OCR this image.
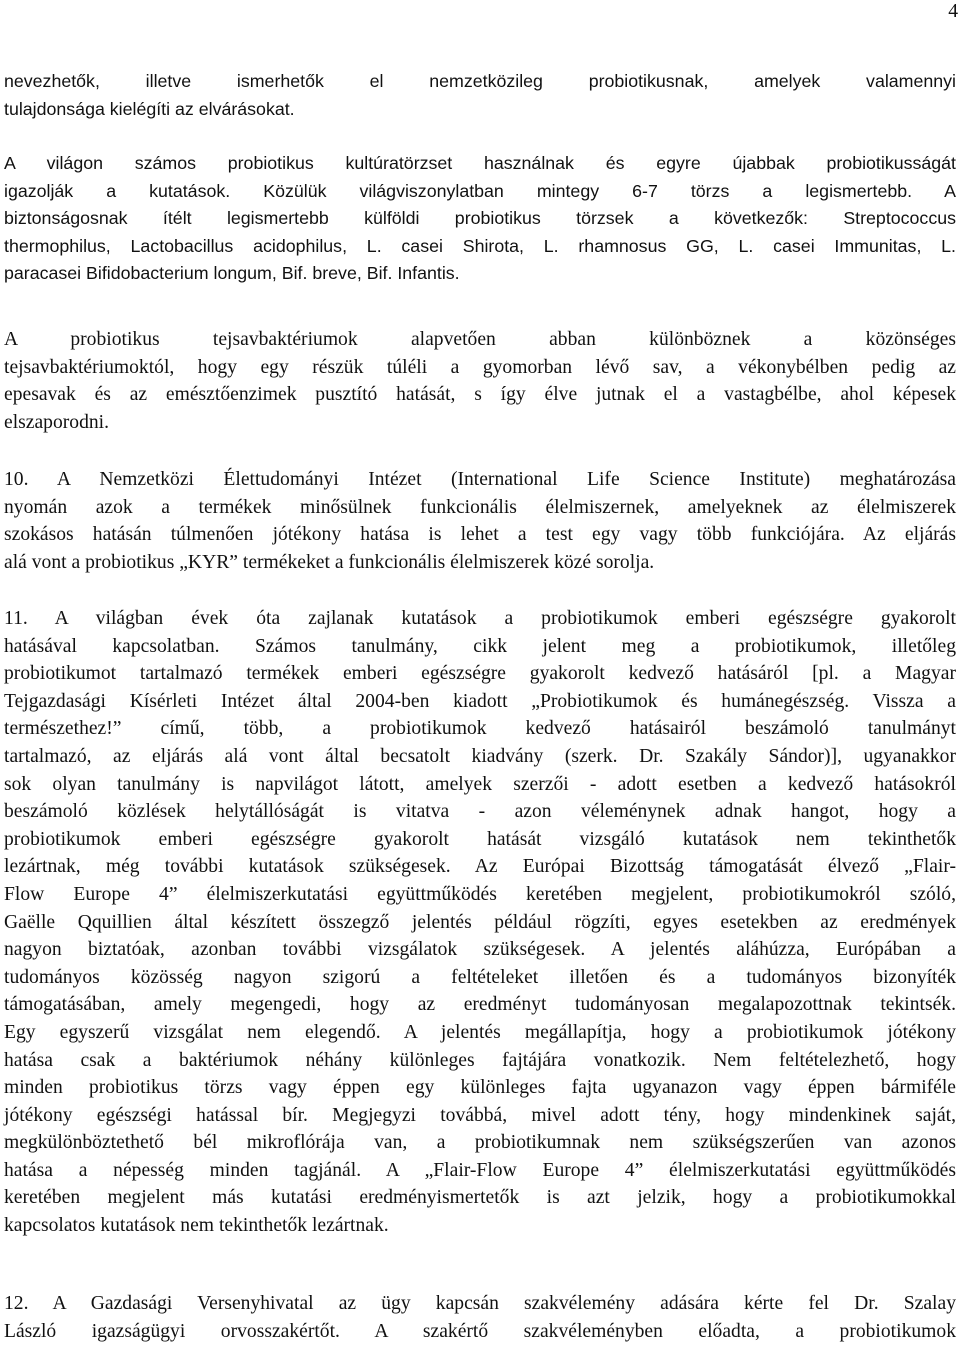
4
nevezhetők, illetve ismerhetők el nemzetközileg probiotikusnak, amelyek valamennyi
tulajdonsága kielégíti az elvárásokat.
A világon számos probiotikus kultúratörzset használnak és egyre újabbak probiotikusságát
igazolják a kutatások. Közülük világviszonylatban mintegy 6-7 törzs a legismertebb. A
biztonságosnak ítélt legismertebb külföldi probiotikus törzsek a következők: Streptococcus
thermophilus, Lactobacillus acidophilus, L. casei Shirota, L. rhamnosus GG, L. casei Immunitas, L.
paracasei Bifidobacterium longum, Bif. breve, Bif. Infantis.
A probiotikus tejsavbaktériumok alapvetően abban különböznek a közönséges
tejsavbaktériumoktól, hogy egy részük túléli a gyomorban lévő sav, a vékonybélben pedig az
epesavak és az emésztőenzimek pusztító hatását, s így élve jutnak el a vastagbélbe, ahol képesek
elszaporodni.
10. A Nemzetközi Élettudományi Intézet (International Life Science Institute) meghatározása
nyomán azok a termékek minősülnek funkcionális élelmiszernek, amelyeknek az élelmiszerek
szokásos hatásán túlmenően jótékony hatása is lehet a test egy vagy több funkciójára. Az eljárás
alá vont a probiotikus „KYR” termékeket a funkcionális élelmiszerek közé sorolja.
11. A világban évek óta zajlanak kutatások a probiotikumok emberi egészségre gyakorolt
hatásával kapcsolatban. Számos tanulmány, cikk jelent meg a probiotikumok, illetőleg
probiotikumot tartalmazó termékek emberi egészségre gyakorolt kedvező hatásáról [pl. a Magyar
Tejgazdasági Kísérleti Intézet által 2004-ben kiadott „Probiotikumok és humánegészség. Vissza a
természethez!” című, több, a probiotikumok kedvező hatásairól beszámoló tanulmányt
tartalmazó, az eljárás alá vont által becsatolt kiadvány (szerk. Dr. Szakály Sándor)], ugyanakkor
sok olyan tanulmány is napvilágot látott, amelyek szerzői - adott esetben a kedvező hatásokról
beszámoló közlések helytállóságát is vitatva - azon véleménynek adnak hangot, hogy a
probiotikumok emberi egészségre gyakorolt hatását vizsgáló kutatások nem tekinthetők
lezártnak, még további kutatások szükségesek. Az Európai Bizottság támogatását élvező „Flair-
Flow Europe 4” élelmiszerkutatási együttműködés keretében megjelent, probiotikumokról szóló,
Gaëlle Qquillien által készített összegző jelentés például rögzíti, egyes esetekben az eredmények
nagyon biztatóak, azonban további vizsgálatok szükségesek. A jelentés aláhúzza, Európában a
tudományos közösség nagyon szigorú a feltételeket illetően és a tudományos bizonyíték
támogatásában, amely megengedi, hogy az eredményt tudományosan megalapozottnak tekintsék.
Egy egyszerű vizsgálat nem elegendő. A jelentés megállapítja, hogy a probiotikumok jótékony
hatása csak a baktériumok néhány különleges fajtájára vonatkozik. Nem feltételezhető, hogy
minden probiotikus törzs vagy éppen egy különleges fajta ugyanazon vagy éppen bármiféle
jótékony egészségi hatással bír. Megjegyzi továbbá, mivel adott tény, hogy mindenkinek saját,
megkülönböztethető bél mikroflórája van, a probiotikumnak nem szükségszerűen van azonos
hatása a népesség minden tagjánál. A „Flair-Flow Europe 4” élelmiszerkutatási együttműködés
keretében megjelent más kutatási eredményismertetők is azt jelzik, hogy a probiotikumokkal
kapcsolatos kutatások nem tekinthetők lezártnak.
12. A Gazdasági Versenyhivatal az ügy kapcsán szakvélemény adására kérte fel Dr. Szalay
László igazságügyi orvosszakértőt. A szakértő szakvéleményben előadta, a probiotikumok
